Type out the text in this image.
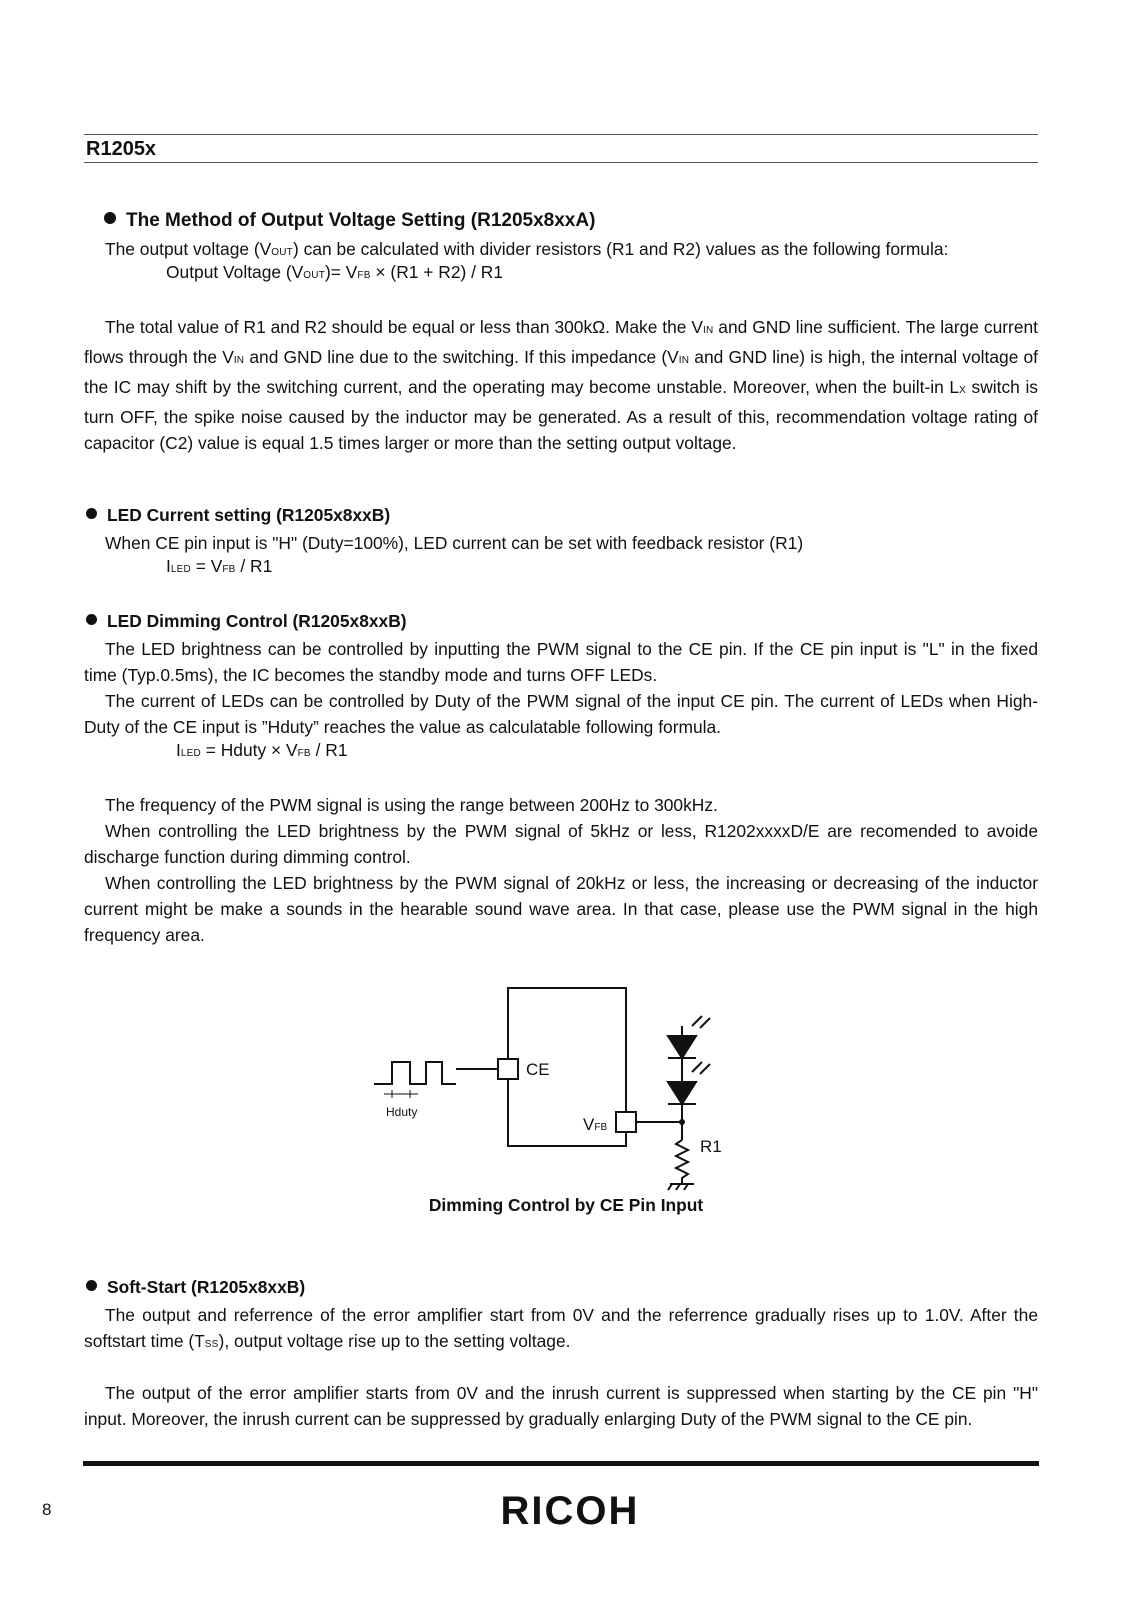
R1205x
The Method of Output Voltage Setting (R1205x8xxA)
The output voltage (VOUT) can be calculated with divider resistors (R1 and R2) values as the following formula:
Output Voltage (VOUT)= VFB × (R1 + R2) / R1

The total value of R1 and R2 should be equal or less than 300kΩ. Make the VIN and GND line sufficient. The large current flows through the VIN and GND line due to the switching. If this impedance (VIN and GND line) is high, the internal voltage of the IC may shift by the switching current, and the operating may become unstable. Moreover, when the built-in LX switch is turn OFF, the spike noise caused by the inductor may be generated. As a result of this, recommendation voltage rating of capacitor (C2) value is equal 1.5 times larger or more than the setting output voltage.

LED Current setting (R1205x8xxB)
When CE pin input is "H" (Duty=100%), LED current can be set with feedback resistor (R1)
ILED = VFB / R1
LED Dimming Control (R1205x8xxB)

The LED brightness can be controlled by inputting the PWM signal to the CE pin. If the CE pin input is "L" in the fixed time (Typ.0.5ms), the IC becomes the standby mode and turns OFF LEDs.

The current of LEDs can be controlled by Duty of the PWM signal of the input CE pin. The current of LEDs when High-Duty of the CE input is ”Hduty” reaches the value as calculatable following formula.

ILED = Hduty × VFB / R1

The frequency of the PWM signal is using the range between 200Hz to 300kHz.

When controlling the LED brightness by the PWM signal of 5kHz or less, R1202xxxxD/E are recomended to avoide discharge function during dimming control.

When controlling the LED brightness by the PWM signal of 20kHz or less, the increasing or decreasing of the inductor current might be make a sounds in the hearable sound wave area. In that case, please use the PWM signal in the high frequency area.

CE
VFB
R1
Hduty
Dimming Control by CE Pin Input
Soft-Start (R1205x8xxB)

The output and referrence of the error amplifier start from 0V and the referrence gradually rises up to 1.0V. After the softstart time (TSS), output voltage rise up to the setting voltage.

The output of the error amplifier starts from 0V and the inrush current is suppressed when starting by the CE pin "H" input. Moreover, the inrush current can be suppressed by gradually enlarging Duty of the PWM signal to the CE pin.

8	RICOH
